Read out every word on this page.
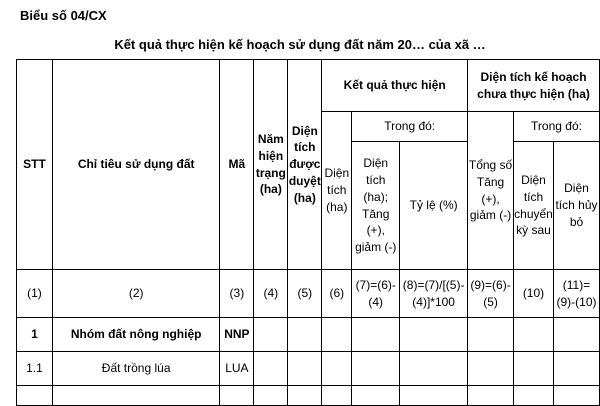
Biểu số 04/CX
Kết quả thực hiện kế hoạch sử dụng đất năm 20… của xã …
STT	Chỉ tiêu sử dụng đất	Mã	Năm hiện trạng (ha)	Diện tích được duyệt (ha)	Kết quả thực hiện			Diện tích kế hoạch chưa thực hiện (ha)		
					Diện tích (ha)	Trong đó:		Tổng số Tăng (+), giảm (-)	Trong đó:	
						Diện tích (ha); Tăng (+), giảm (-)	Tỷ lệ (%)		Diện tích chuyển kỳ sau	Diện tích hủy bỏ
(1)	(2)	(3)	(4)	(5)	(6)	(7)=(6)-(4)	(8)=(7)/[(5)-(4)]*100	(9)=(6)-(5)	(10)	(11)=(9)-(10)
1	Nhóm đất nông nghiệp	NNP								
1.1	Đất trồng lúa	LUA								
